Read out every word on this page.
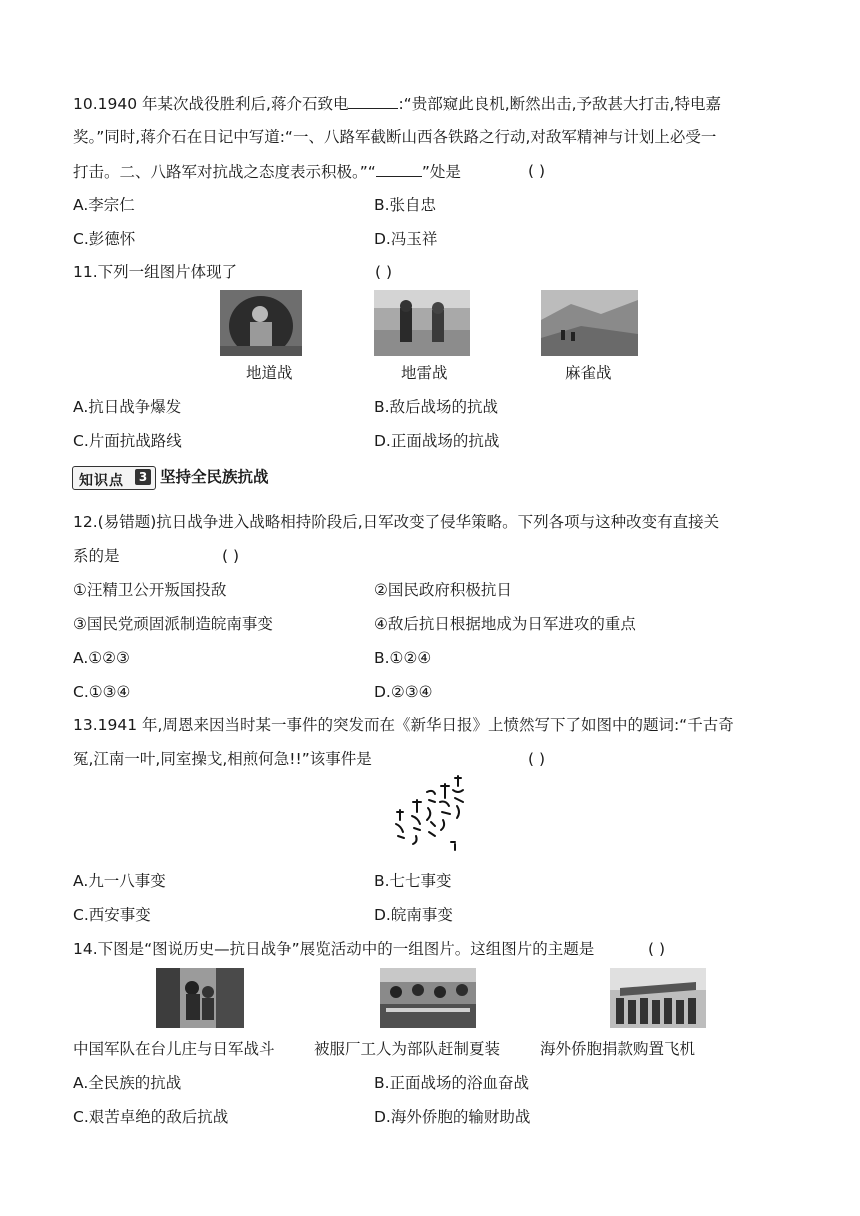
10.1940 年某次战役胜利后,蒋介石致电	:“贵部窥此良机,断然出击,予敌甚大打击,特电嘉
奖。”同时,蒋介石在日记中写道:“一、八路军截断山西各铁路之行动,对敌军精神与计划上必受一
打击。二、八路军对抗战之态度表示积极。”“	”处是	( )
A.李宗仁	B.张自忠
C.彭德怀	D.冯玉祥
11.下列一组图片体现了	( )
地道战	地雷战	麻雀战
A.抗日战争爆发	B.敌后战场的抗战
C.片面抗战路线	D.正面战场的抗战
知识点	3 坚持全民族抗战
12.(易错题)抗日战争进入战略相持阶段后,日军改变了侵华策略。下列各项与这种改变有直接关
系的是	( )
①汪精卫公开叛国投敌	②国民政府积极抗日
③国民党顽固派制造皖南事变	④敌后抗日根据地成为日军进攻的重点
A.①②③	B.①②④
C.①③④	D.②③④
13.1941 年,周恩来因当时某一事件的突发而在《新华日报》上愤然写下了如图中的题词:“千古奇
冤,江南一叶,同室操戈,相煎何急!!”该事件是	( )
A.九一八事变	B.七七事变
C.西安事变	D.皖南事变
14.下图是“图说历史—抗日战争”展览活动中的一组图片。这组图片的主题是	( )
中国军队在台儿庄与日军战斗	被服厂工人为部队赶制夏装	海外侨胞捐款购置飞机
A.全民族的抗战	B.正面战场的浴血奋战
C.艰苦卓绝的敌后抗战	D.海外侨胞的输财助战
